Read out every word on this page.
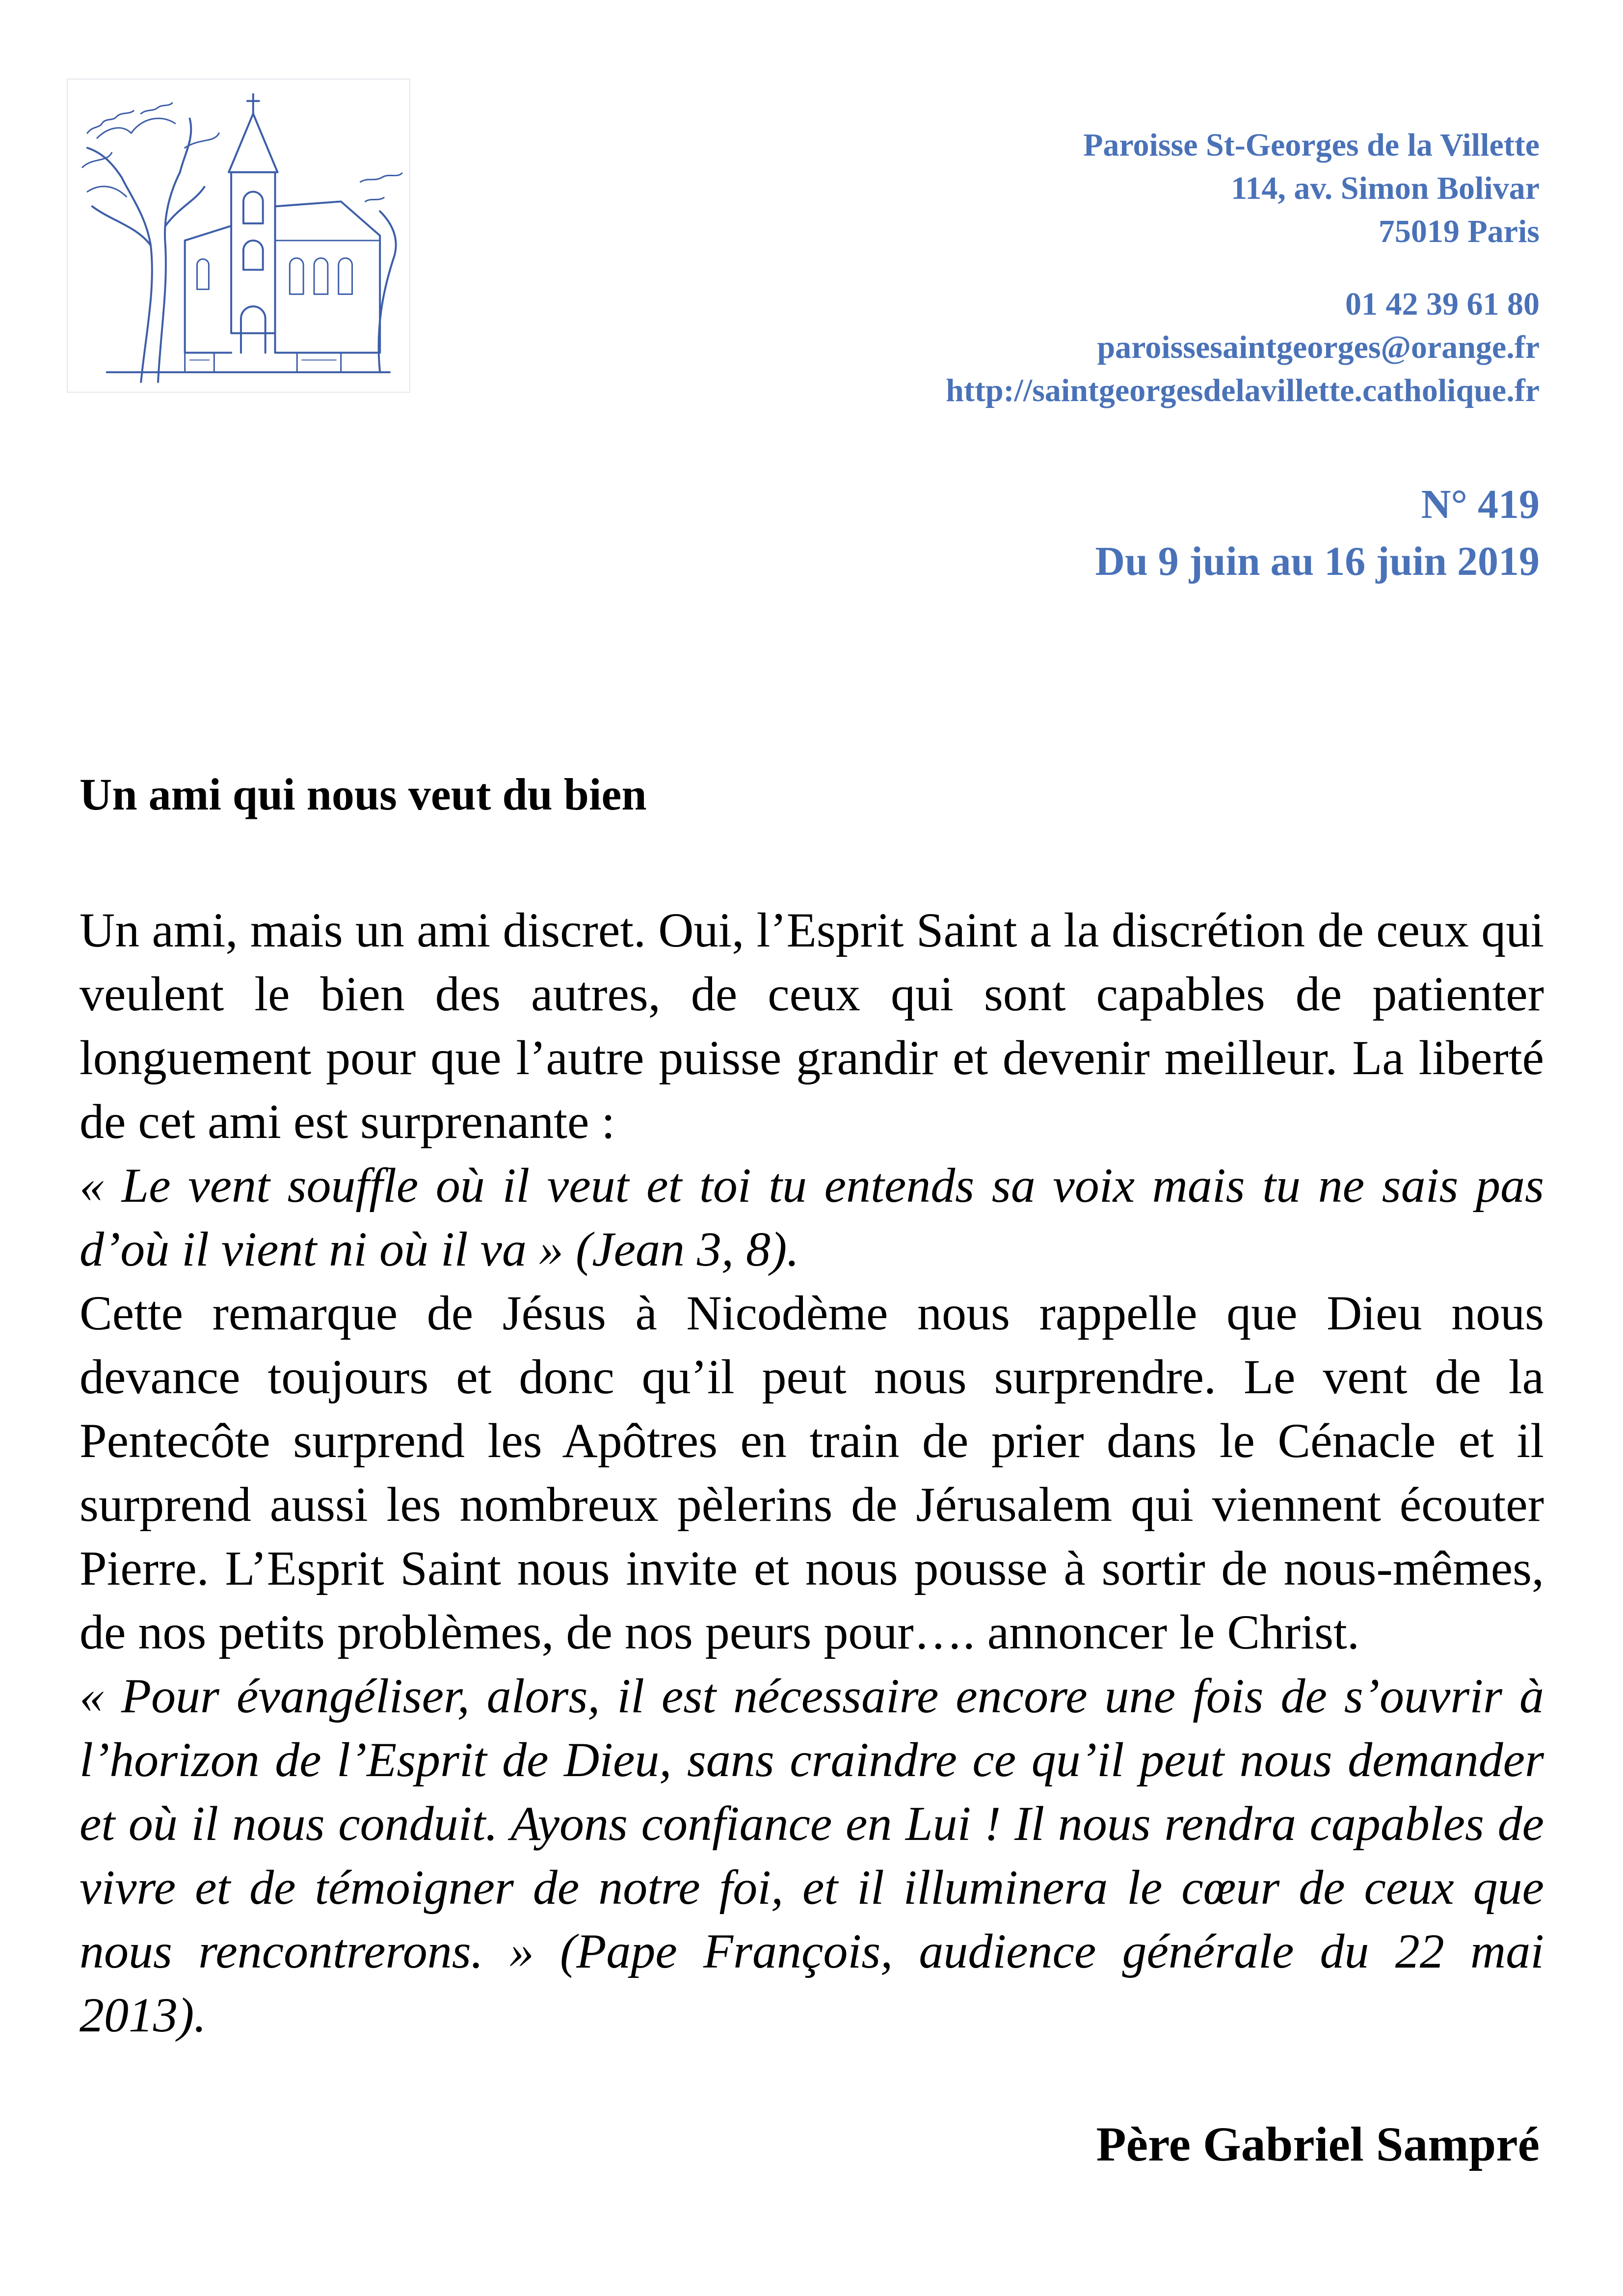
Paroisse St-Georges de la Villette
114, av. Simon Bolivar
75019 Paris
01 42 39 61 80
paroissesaintgeorges@orange.fr
http://saintgeorgesdelavillette.catholique.fr
N° 419
Du 9 juin au 16 juin 2019
Un ami qui nous veut du bien

Un ami, mais un ami discret. Oui, l’Esprit Saint a la discrétion de ceux qui veulent le bien des autres, de ceux qui sont capables de patienter longuement pour que l’autre puisse grandir et devenir meilleur. La liberté de cet ami est surprenante :

« Le vent souffle où il veut et toi tu entends sa voix mais tu ne sais pas d’où il vient ni où il va » (Jean 3, 8).

Cette remarque de Jésus à Nicodème nous rappelle que Dieu nous devance toujours et donc qu’il peut nous surprendre. Le vent de la Pentecôte surprend les Apôtres en train de prier dans le Cénacle et il surprend aussi les nombreux pèlerins de Jérusalem qui viennent écouter Pierre. L’Esprit Saint nous invite et nous pousse à sortir de nous-mêmes, de nos petits problèmes, de nos peurs pour…. annoncer le Christ.

« Pour évangéliser, alors, il est nécessaire encore une fois de s’ouvrir à l’horizon de l’Esprit de Dieu, sans craindre ce qu’il peut nous demander et où il nous conduit. Ayons confiance en Lui ! Il nous rendra capables de vivre et de témoigner de notre foi, et il illuminera le cœur de ceux que nous rencontrerons. » (Pape François, audience générale du 22 mai 2013).

Père Gabriel Sampré
